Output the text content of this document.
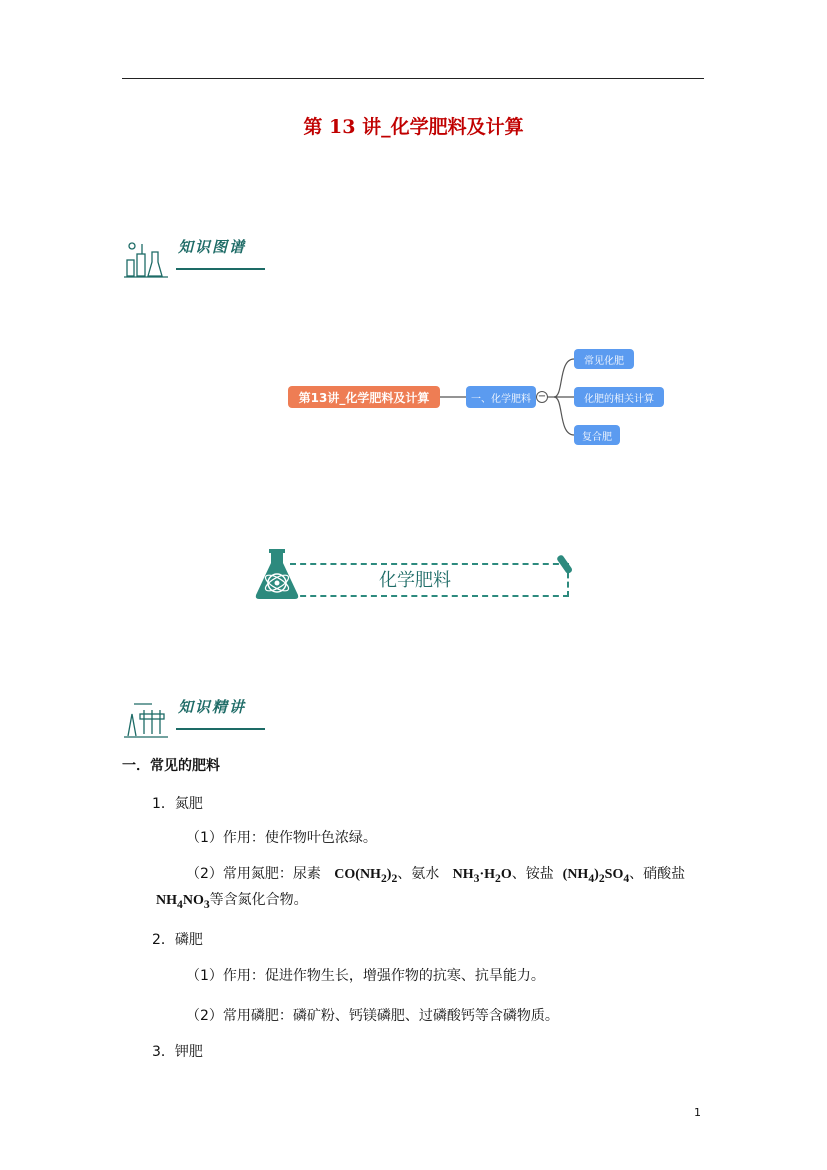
第 13 讲_化学肥料及计算
知识图谱
第13讲_化学肥料及计算	一、化学肥料 −
常见化肥
化肥的相关计算
复合肥
化学肥料
知识精讲
一．常见的肥料
1．氮肥
（1）作用：使作物叶色浓绿。
（2）常用氮肥：尿素 $CO(NH_2)_2$、氨水 $NH_3\cdot H_2O$、铵盐 $(NH_4)_2SO_4$、硝酸盐
$NH_4NO_3$等含氮化合物。
2．磷肥
（1）作用：促进作物生长，增强作物的抗寒、抗旱能力。
（2）常用磷肥：磷矿粉、钙镁磷肥、过磷酸钙等含磷物质。
3．钾肥
1
